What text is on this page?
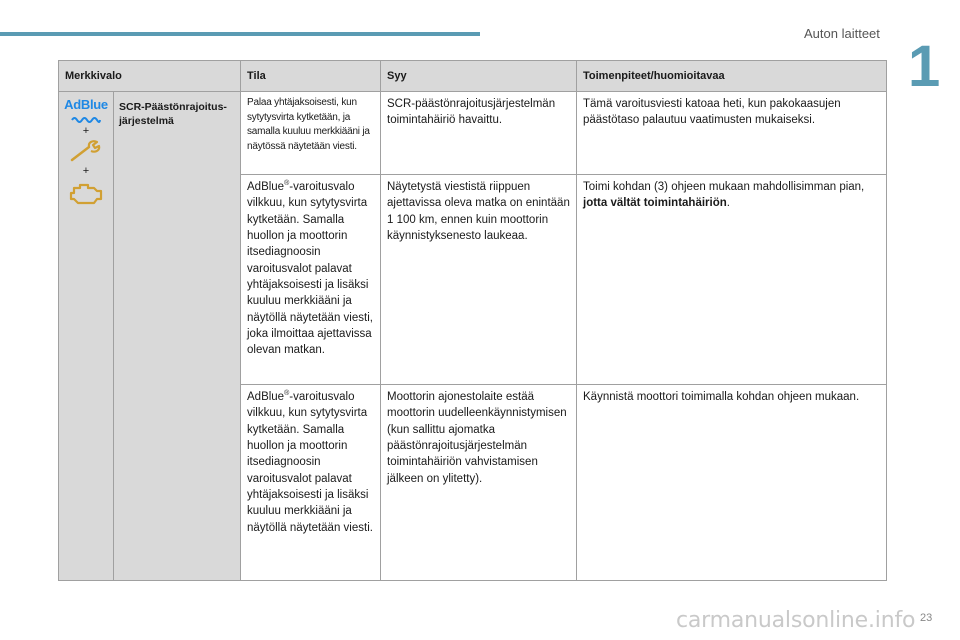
Auton laitteet
1
Merkkivalo		Tila	Syy	Toimenpiteet/huomioitavaa

AdBlue
+
+	SCR-Päästönrajoitus-järjestelmä	Palaa yhtäjaksoisesti, kun sytytysvirta kytketään, ja samalla kuuluu merkkiääni ja näytössä näytetään viesti.	SCR-päästönrajoitusjärjestelmän toimintahäiriö havaittu.	Tämä varoitusviesti katoaa heti, kun pakokaasujen päästötaso palautuu vaatimusten mukaiseksi.
		AdBlue®-varoitusvalo vilkkuu, kun sytytysvirta kytketään. Samalla huollon ja moottorin itsediagnoosin varoitusvalot palavat yhtäjaksoisesti ja lisäksi kuuluu merkkiääni ja näytöllä näytetään viesti, joka ilmoittaa ajettavissa olevan matkan.	Näytetystä viestistä riippuen ajettavissa oleva matka on enintään 1 100 km, ennen kuin moottorin käynnistyksenesto laukeaa.	Toimi kohdan (3) ohjeen mukaan mahdollisimman pian, jotta vältät toimintahäiriön.
		AdBlue®-varoitusvalo vilkkuu, kun sytytysvirta kytketään. Samalla huollon ja moottorin itsediagnoosin varoitusvalot palavat yhtäjaksoisesti ja lisäksi kuuluu merkkiääni ja näytöllä näytetään viesti.	Moottorin ajonestolaite estää moottorin uudelleenkäynnistymisen (kun sallittu ajomatka päästönrajoitusjärjestelmän toimintahäiriön vahvistamisen jälkeen on ylitetty).	Käynnistä moottori toimimalla kohdan ohjeen mukaan.
carmanualsonline.info 23
